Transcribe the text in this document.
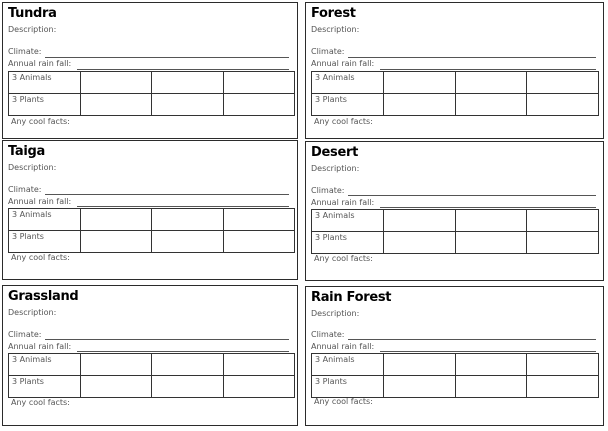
Tundra
Description:
Climate:
Annual rain fall:
3 Animals			

3 Plants			

Any cool facts:
Forest
Description:
Climate:
Annual rain fall:
3 Animals			

3 Plants			

Any cool facts:
Taiga
Description:
Climate:
Annual rain fall:
3 Animals			

3 Plants			

Any cool facts:
Desert
Description:
Climate:
Annual rain fall:
3 Animals			

3 Plants			

Any cool facts:
Grassland
Description:
Climate:
Annual rain fall:
3 Animals			

3 Plants			

Any cool facts:
Rain Forest
Description:
Climate:
Annual rain fall:
3 Animals			

3 Plants			

Any cool facts:
